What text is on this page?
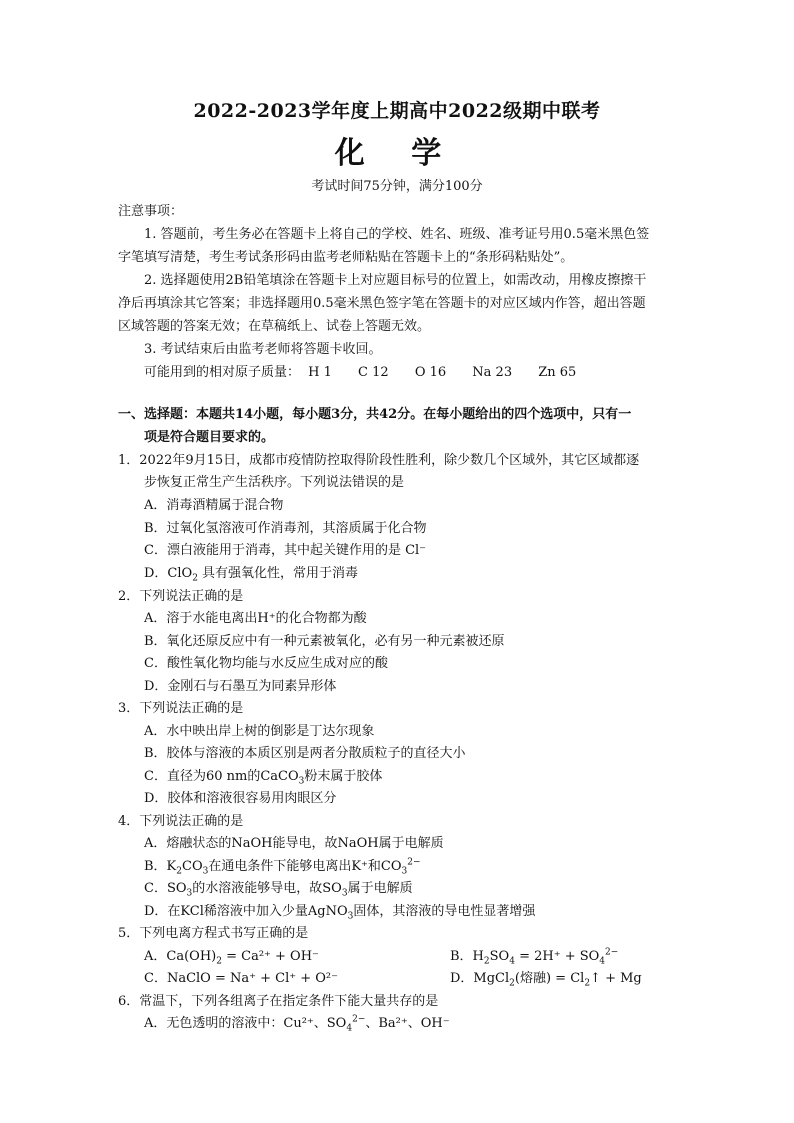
2022-2023学年度上期高中2022级期中联考
化 学
考试时间75分钟，满分100分
注意事项：
1. 答题前，考生务必在答题卡上将自己的学校、姓名、班级、准考证号用0.5毫米黑色签
字笔填写清楚，考生考试条形码由监考老师粘贴在答题卡上的“条形码粘贴处”。
2. 选择题使用2B铅笔填涂在答题卡上对应题目标号的位置上，如需改动，用橡皮擦擦干
净后再填涂其它答案；非选择题用0.5毫米黑色签字笔在答题卡的对应区域内作答，超出答题
区域答题的答案无效；在草稿纸上、试卷上答题无效。
3. 考试结束后由监考老师将答题卡收回。
可能用到的相对原子质量： H 1 C 12 O 16 Na 23 Zn 65
一、选择题：本题共14小题，每小题3分，共42分。在每小题给出的四个选项中，只有一
项是符合题目要求的。
1．2022年9月15日，成都市疫情防控取得阶段性胜利，除少数几个区域外，其它区域都逐
步恢复正常生产生活秩序。下列说法错误的是
A．消毒酒精属于混合物
B．过氧化氢溶液可作消毒剂，其溶质属于化合物
C．漂白液能用于消毒，其中起关键作用的是 Cl⁻
D．ClO$_2$ 具有强氧化性，常用于消毒
2．下列说法正确的是
A．溶于水能电离出H⁺的化合物都为酸
B．氧化还原反应中有一种元素被氧化，必有另一种元素被还原
C．酸性氧化物均能与水反应生成对应的酸
D．金刚石与石墨互为同素异形体
3．下列说法正确的是
A．水中映出岸上树的倒影是丁达尔现象
B．胶体与溶液的本质区别是两者分散质粒子的直径大小
C．直径为60 nm的CaCO$_3$粉末属于胶体
D．胶体和溶液很容易用肉眼区分
4．下列说法正确的是
A．熔融状态的NaOH能导电，故NaOH属于电解质
B．$K_2CO_3$在通电条件下能够电离出K⁺和$CO_3^{2-}$
C．$SO_3$的水溶液能够导电，故$SO_3$属于电解质
D．在KCl稀溶液中加入少量AgNO$_3$固体，其溶液的导电性显著增强
5．下列电离方程式书写正确的是
A．$Ca(OH)_2 = Ca^{2+} + OH^-$	B．$H_2SO_4 = 2H^+ + SO_4^{2-}$
C．NaClO = Na⁺ + Cl⁺ + O²⁻	D．MgCl$_2$(熔融) = $Cl_2↑ + Mg$
6．常温下，下列各组离子在指定条件下能大量共存的是
A．无色透明的溶液中：Cu²⁺、$SO_4^{2-}$、Ba²⁺、OH⁻
